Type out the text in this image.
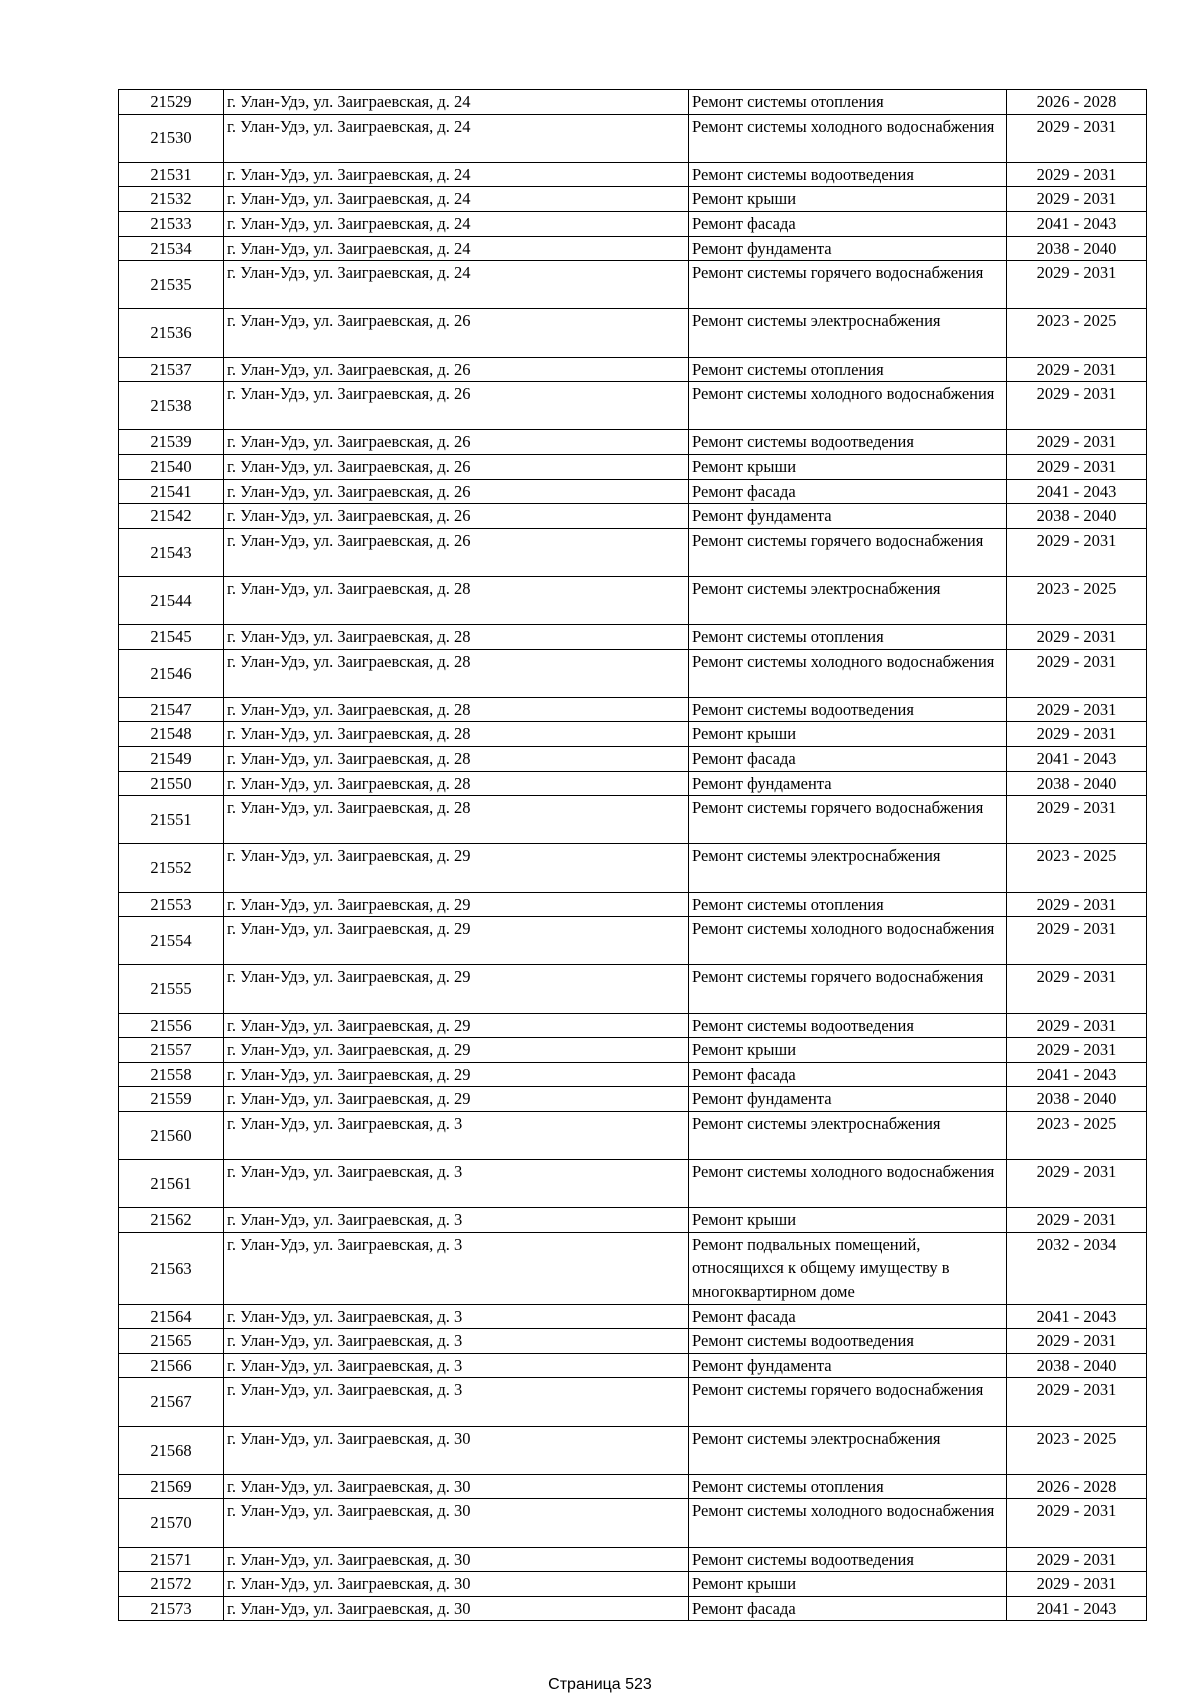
21529	г. Улан-Удэ, ул. Заиграевская, д. 24	Ремонт системы отопления	2026 - 2028
21530	г. Улан-Удэ, ул. Заиграевская, д. 24	Ремонт системы холодного водоснабжения	2029 - 2031
21531	г. Улан-Удэ, ул. Заиграевская, д. 24	Ремонт системы водоотведения	2029 - 2031
21532	г. Улан-Удэ, ул. Заиграевская, д. 24	Ремонт крыши	2029 - 2031
21533	г. Улан-Удэ, ул. Заиграевская, д. 24	Ремонт фасада	2041 - 2043
21534	г. Улан-Удэ, ул. Заиграевская, д. 24	Ремонт фундамента	2038 - 2040
21535	г. Улан-Удэ, ул. Заиграевская, д. 24	Ремонт системы горячего водоснабжения	2029 - 2031
21536	г. Улан-Удэ, ул. Заиграевская, д. 26	Ремонт системы электроснабжения	2023 - 2025
21537	г. Улан-Удэ, ул. Заиграевская, д. 26	Ремонт системы отопления	2029 - 2031
21538	г. Улан-Удэ, ул. Заиграевская, д. 26	Ремонт системы холодного водоснабжения	2029 - 2031
21539	г. Улан-Удэ, ул. Заиграевская, д. 26	Ремонт системы водоотведения	2029 - 2031
21540	г. Улан-Удэ, ул. Заиграевская, д. 26	Ремонт крыши	2029 - 2031
21541	г. Улан-Удэ, ул. Заиграевская, д. 26	Ремонт фасада	2041 - 2043
21542	г. Улан-Удэ, ул. Заиграевская, д. 26	Ремонт фундамента	2038 - 2040
21543	г. Улан-Удэ, ул. Заиграевская, д. 26	Ремонт системы горячего водоснабжения	2029 - 2031
21544	г. Улан-Удэ, ул. Заиграевская, д. 28	Ремонт системы электроснабжения	2023 - 2025
21545	г. Улан-Удэ, ул. Заиграевская, д. 28	Ремонт системы отопления	2029 - 2031
21546	г. Улан-Удэ, ул. Заиграевская, д. 28	Ремонт системы холодного водоснабжения	2029 - 2031
21547	г. Улан-Удэ, ул. Заиграевская, д. 28	Ремонт системы водоотведения	2029 - 2031
21548	г. Улан-Удэ, ул. Заиграевская, д. 28	Ремонт крыши	2029 - 2031
21549	г. Улан-Удэ, ул. Заиграевская, д. 28	Ремонт фасада	2041 - 2043
21550	г. Улан-Удэ, ул. Заиграевская, д. 28	Ремонт фундамента	2038 - 2040
21551	г. Улан-Удэ, ул. Заиграевская, д. 28	Ремонт системы горячего водоснабжения	2029 - 2031
21552	г. Улан-Удэ, ул. Заиграевская, д. 29	Ремонт системы электроснабжения	2023 - 2025
21553	г. Улан-Удэ, ул. Заиграевская, д. 29	Ремонт системы отопления	2029 - 2031
21554	г. Улан-Удэ, ул. Заиграевская, д. 29	Ремонт системы холодного водоснабжения	2029 - 2031
21555	г. Улан-Удэ, ул. Заиграевская, д. 29	Ремонт системы горячего водоснабжения	2029 - 2031
21556	г. Улан-Удэ, ул. Заиграевская, д. 29	Ремонт системы водоотведения	2029 - 2031
21557	г. Улан-Удэ, ул. Заиграевская, д. 29	Ремонт крыши	2029 - 2031
21558	г. Улан-Удэ, ул. Заиграевская, д. 29	Ремонт фасада	2041 - 2043
21559	г. Улан-Удэ, ул. Заиграевская, д. 29	Ремонт фундамента	2038 - 2040
21560	г. Улан-Удэ, ул. Заиграевская, д. 3	Ремонт системы электроснабжения	2023 - 2025
21561	г. Улан-Удэ, ул. Заиграевская, д. 3	Ремонт системы холодного водоснабжения	2029 - 2031
21562	г. Улан-Удэ, ул. Заиграевская, д. 3	Ремонт крыши	2029 - 2031
21563	г. Улан-Удэ, ул. Заиграевская, д. 3	Ремонт подвальных помещений, относящихся к общему имуществу в многоквартирном доме	2032 - 2034
21564	г. Улан-Удэ, ул. Заиграевская, д. 3	Ремонт фасада	2041 - 2043
21565	г. Улан-Удэ, ул. Заиграевская, д. 3	Ремонт системы водоотведения	2029 - 2031
21566	г. Улан-Удэ, ул. Заиграевская, д. 3	Ремонт фундамента	2038 - 2040
21567	г. Улан-Удэ, ул. Заиграевская, д. 3	Ремонт системы горячего водоснабжения	2029 - 2031
21568	г. Улан-Удэ, ул. Заиграевская, д. 30	Ремонт системы электроснабжения	2023 - 2025
21569	г. Улан-Удэ, ул. Заиграевская, д. 30	Ремонт системы отопления	2026 - 2028
21570	г. Улан-Удэ, ул. Заиграевская, д. 30	Ремонт системы холодного водоснабжения	2029 - 2031
21571	г. Улан-Удэ, ул. Заиграевская, д. 30	Ремонт системы водоотведения	2029 - 2031
21572	г. Улан-Удэ, ул. Заиграевская, д. 30	Ремонт крыши	2029 - 2031
21573	г. Улан-Удэ, ул. Заиграевская, д. 30	Ремонт фасада	2041 - 2043
Страница 523
